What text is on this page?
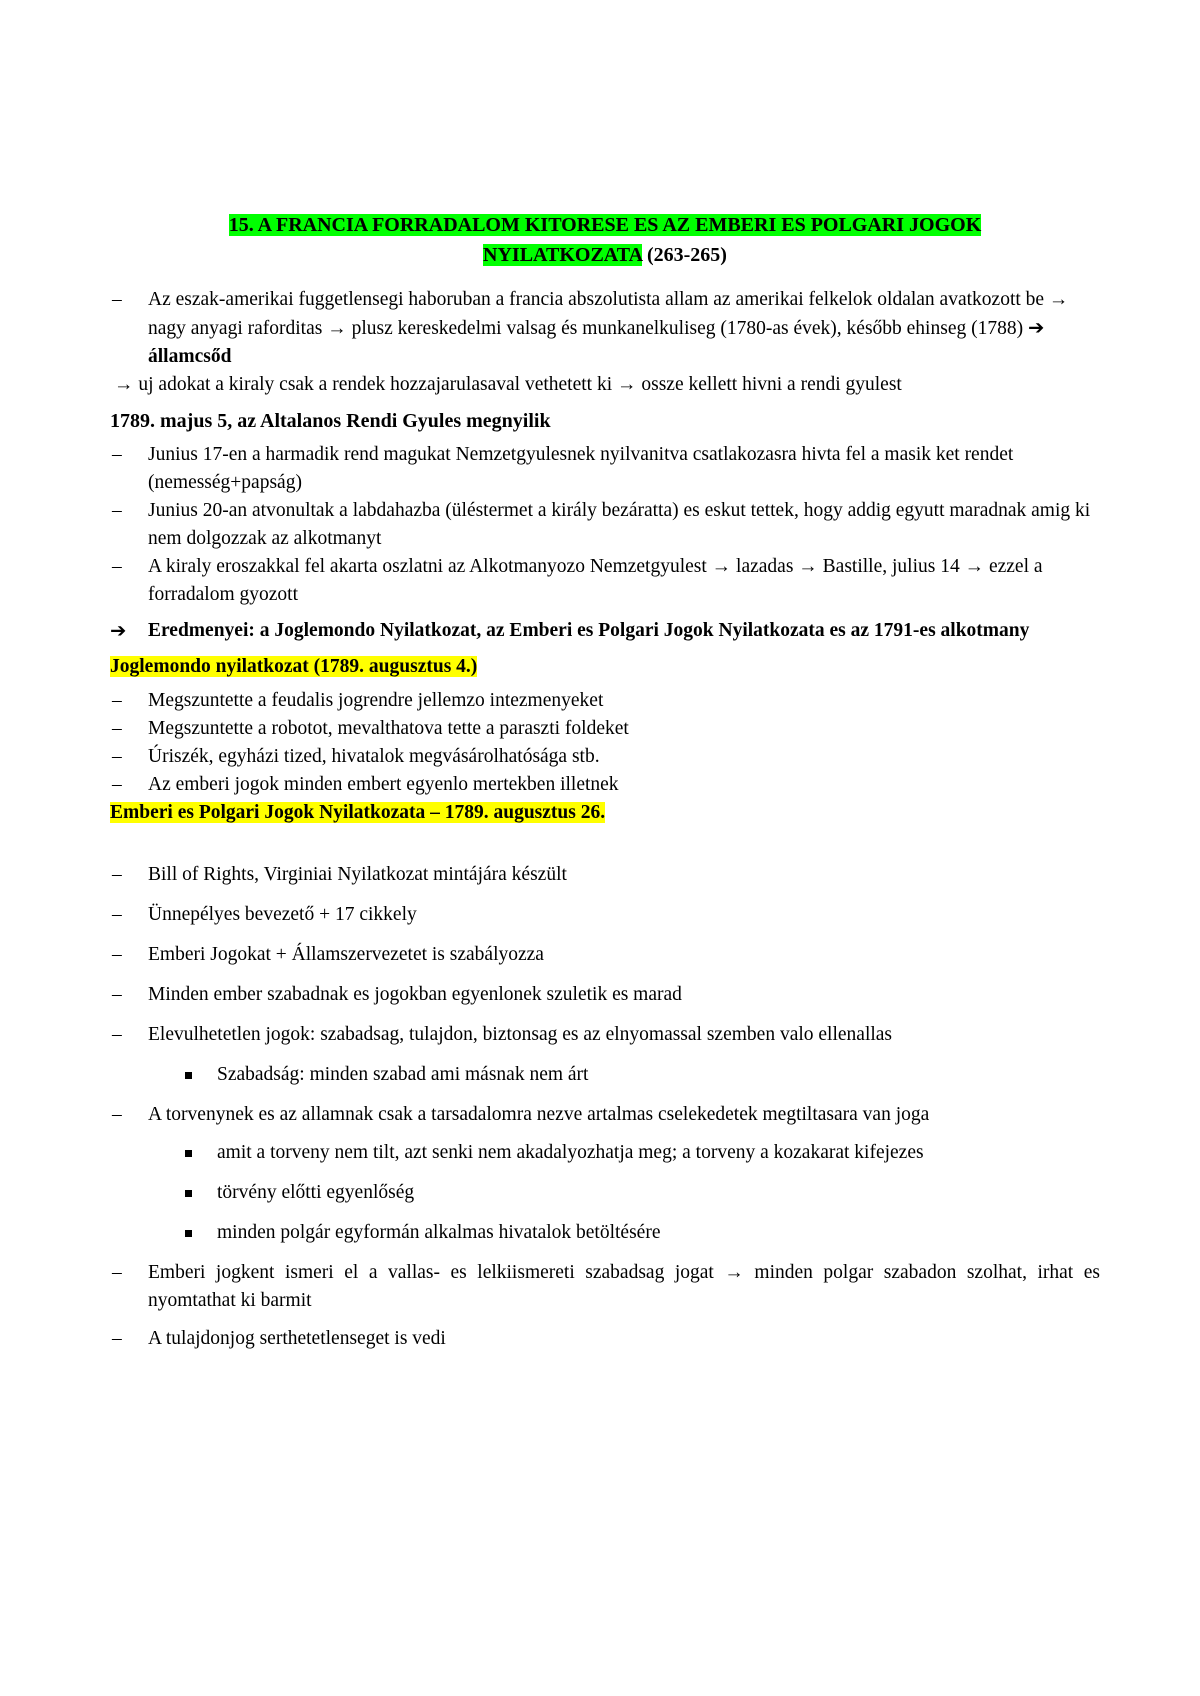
15. A FRANCIA FORRADALOM KITORESE ES AZ EMBERI ES POLGARI JOGOK
NYILATKOZATA (263-265)
– Az eszak-amerikai fuggetlensegi haboruban a francia abszolutista allam az amerikai felkelok oldalan avatkozott be → nagy anyagi raforditas → plusz kereskedelmi valsag és munkanelkuliseg (1780-as évek), később ehinseg (1788) ➔ államcsőd
→ uj adokat a kiraly csak a rendek hozzajarulasaval vethetett ki → ossze kellett hivni a rendi gyulest
1789. majus 5, az Altalanos Rendi Gyules megnyilik
– Junius 17-en a harmadik rend magukat Nemzetgyulesnek nyilvanitva csatlakozasra hivta fel a masik ket rendet (nemesség+papság)
– Junius 20-an atvonultak a labdahazba (üléstermet a király bezáratta) es eskut tettek, hogy addig egyutt maradnak amig ki nem dolgozzak az alkotmanyt
– A kiraly eroszakkal fel akarta oszlatni az Alkotmanyozo Nemzetgyulest → lazadas → Bastille, julius 14 → ezzel a forradalom gyozott
➔ Eredmenyei: a Joglemondo Nyilatkozat, az Emberi es Polgari Jogok Nyilatkozata es az 1791-es alkotmany
Joglemondo nyilatkozat (1789. augusztus 4.)
– Megszuntette a feudalis jogrendre jellemzo intezmenyeket
– Megszuntette a robotot, mevalthatova tette a paraszti foldeket
– Úriszék, egyházi tized, hivatalok megvásárolhatósága stb.
– Az emberi jogok minden embert egyenlo mertekben illetnek
Emberi es Polgari Jogok Nyilatkozata – 1789. augusztus 26.
– Bill of Rights, Virginiai Nyilatkozat mintájára készült
– Ünnepélyes bevezető + 17 cikkely
– Emberi Jogokat + Államszervezetet is szabályozza
– Minden ember szabadnak es jogokban egyenlonek szuletik es marad
– Elevulhetetlen jogok: szabadsag, tulajdon, biztonsag es az elnyomassal szemben valo ellenallas
Szabadság: minden szabad ami másnak nem árt
– A torvenynek es az allamnak csak a tarsadalomra nezve artalmas cselekedetek megtiltasara van joga
amit a torveny nem tilt, azt senki nem akadalyozhatja meg; a torveny a kozakarat kifejezes
törvény előtti egyenlőség
minden polgár egyformán alkalmas hivatalok betöltésére
– Emberi jogkent ismeri el a vallas- es lelkiismereti szabadsag jogat → minden polgar szabadon szolhat, irhat es nyomtathat ki barmit
– A tulajdonjog serthetetlenseget is vedi
